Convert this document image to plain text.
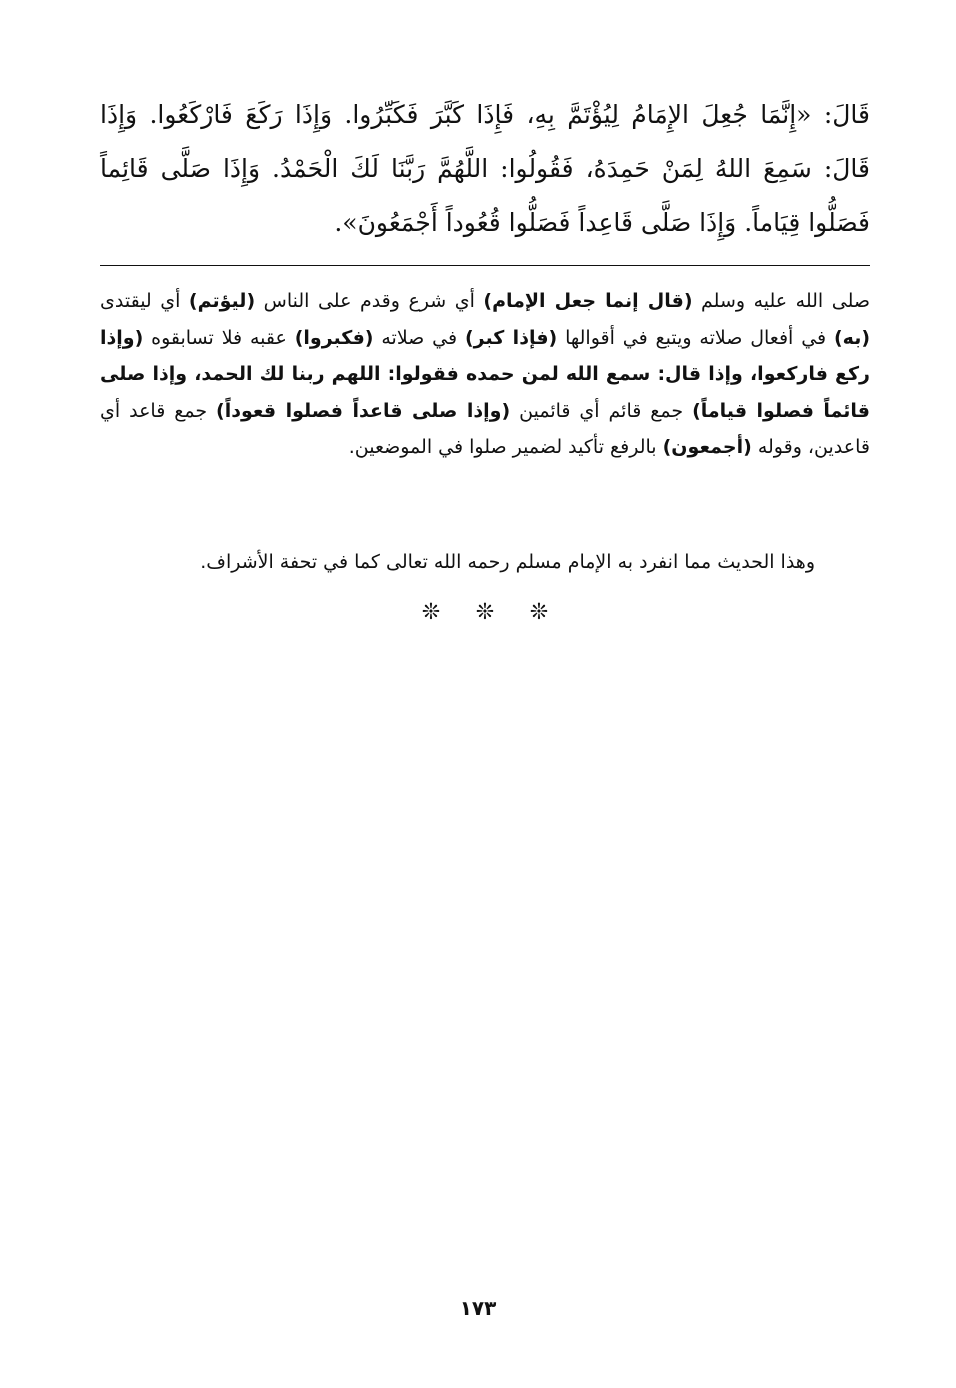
قَالَ: «إِنَّمَا جُعِلَ الإِمَامُ لِيُؤْتَمَّ بِهِ، فَإِذَا كَبَّرَ فَكَبِّرُوا. وَإِذَا رَكَعَ فَارْكَعُوا. وَإِذَا قَالَ: سَمِعَ اللهُ لِمَنْ حَمِدَهُ، فَقُولُوا: اللَّهُمَّ رَبَّنَا لَكَ الْحَمْدُ. وَإِذَا صَلَّى قَائِماً فَصَلُّوا قِيَاماً. وَإِذَا صَلَّى قَاعِداً فَصَلُّوا قُعُوداً أَجْمَعُونَ».

صلى الله عليه وسلم (قال إنما جعل الإمام) أي شرع وقدم على الناس (ليؤتم) أي ليقتدى (به) في أفعال صلاته ويتبع في أقوالها (فإذا كبر) في صلاته (فكبروا) عقبه فلا تسابقوه (وإذا ركع فاركعوا، وإذا قال: سمع الله لمن حمده فقولوا: اللهم ربنا لك الحمد، وإذا صلى قائماً فصلوا قياماً) جمع قائم أي قائمين (وإذا صلى قاعداً فصلوا قعوداً) جمع قاعد أي قاعدين، وقوله (أجمعون) بالرفع تأكيد لضمير صلوا في الموضعين.

وهذا الحديث مما انفرد به الإمام مسلم رحمه الله تعالى كما في تحفة الأشراف.

❊ ❊ ❊
١٧٣
